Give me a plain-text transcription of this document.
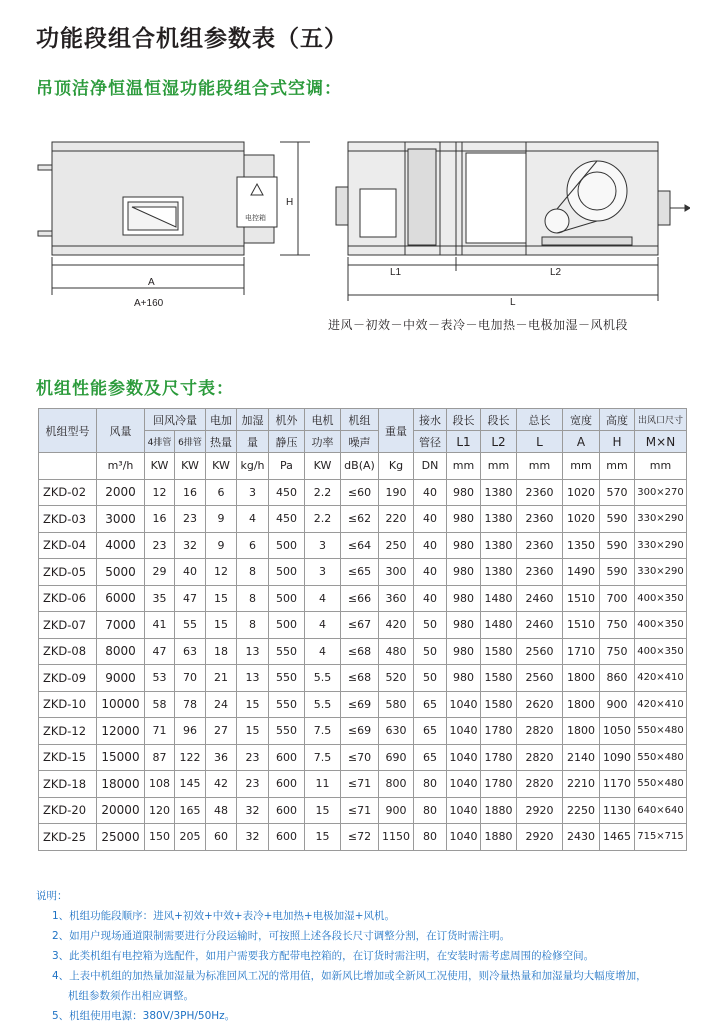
功能段组合机组参数表（五）
吊顶洁净恒温恒湿功能段组合式空调：
电控箱
A
A+160
H
L1	L2
L
进风－初效－中效－表冷－电加热－电极加湿－风机段
机组性能参数及尺寸表：
机组型号	风量	回风冷量		电加	加湿	机外	电机	机组	重量	接水	段长	段长	总长	宽度	高度	出风口尺寸
		4排管	6排管	热量	量	静压	功率	噪声		管径	L1	L2	L	A	H	M×N
	m³/h	KW	KW	KW	kg/h	Pa	KW	dB(A)	Kg	DN	mm	mm	mm	mm	mm	mm
ZKD-02	2000	12	16	6	3	450	2.2	≤60	190	40	980	1380	2360	1020	570	300×270
ZKD-03	3000	16	23	9	4	450	2.2	≤62	220	40	980	1380	2360	1020	590	330×290
ZKD-04	4000	23	32	9	6	500	3	≤64	250	40	980	1380	2360	1350	590	330×290
ZKD-05	5000	29	40	12	8	500	3	≤65	300	40	980	1380	2360	1490	590	330×290
ZKD-06	6000	35	47	15	8	500	4	≤66	360	40	980	1480	2460	1510	700	400×350
ZKD-07	7000	41	55	15	8	500	4	≤67	420	50	980	1480	2460	1510	750	400×350
ZKD-08	8000	47	63	18	13	550	4	≤68	480	50	980	1580	2560	1710	750	400×350
ZKD-09	9000	53	70	21	13	550	5.5	≤68	520	50	980	1580	2560	1800	860	420×410
ZKD-10	10000	58	78	24	15	550	5.5	≤69	580	65	1040	1580	2620	1800	900	420×410
ZKD-12	12000	71	96	27	15	550	7.5	≤69	630	65	1040	1780	2820	1800	1050	550×480
ZKD-15	15000	87	122	36	23	600	7.5	≤70	690	65	1040	1780	2820	2140	1090	550×480
ZKD-18	18000	108	145	42	23	600	11	≤71	800	80	1040	1780	2820	2210	1170	550×480
ZKD-20	20000	120	165	48	32	600	15	≤71	900	80	1040	1880	2920	2250	1130	640×640
ZKD-25	25000	150	205	60	32	600	15	≤72	1150	80	1040	1880	2920	2430	1465	715×715
说明：
1、机组功能段顺序：进风+初效+中效+表冷+电加热+电极加湿+风机。
2、如用户现场通道限制需要进行分段运输时，可按照上述各段长尺寸调整分割，在订货时需注明。
3、此类机组有电控箱为选配件，如用户需要我方配带电控箱的，在订货时需注明，在安装时需考虑周围的检修空间。
4、上表中机组的加热量加湿量为标准回风工况的常用值，如新风比增加或全新风工况使用，则冷量热量和加湿量均大幅度增加，
机组参数须作出相应调整。
5、机组使用电源：380V/3PH/50Hz。
